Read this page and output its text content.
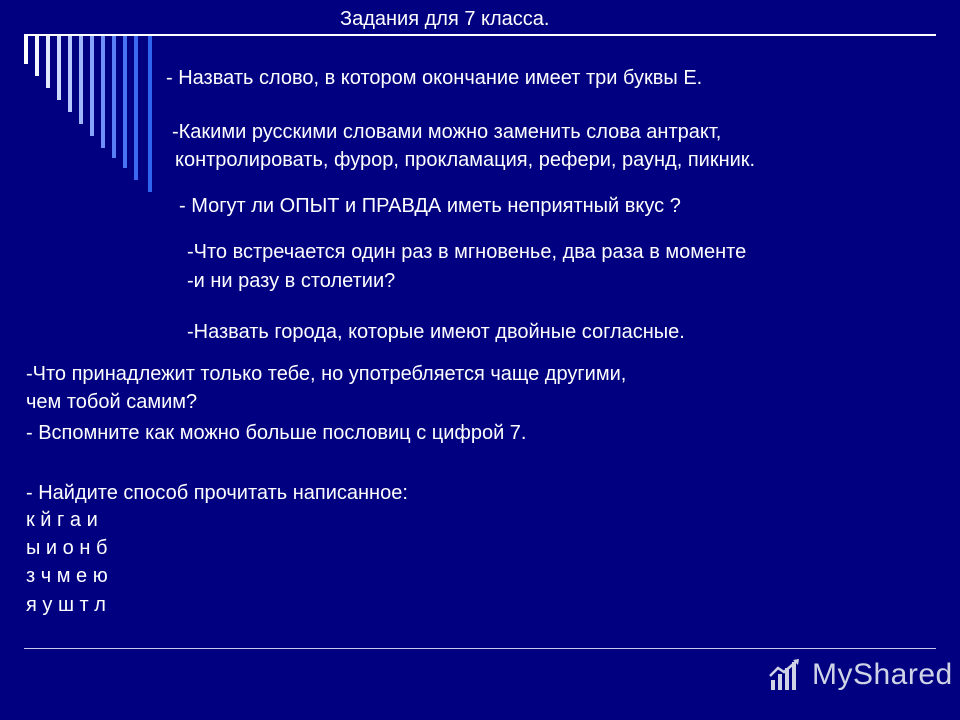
Задания для 7 класса.
- Назвать слово, в котором окончание имеет три буквы Е.
-Какими русскими словами можно заменить слова антракт,
контролировать, фурор, прокламация, рефери, раунд, пикник.
- Могут ли ОПЫТ и ПРАВДА иметь неприятный вкус ?
-Что встречается один раз в мгновенье, два раза в моменте
-и ни разу в столетии?
-Назвать города, которые имеют двойные согласные.
-Что принадлежит только тебе, но употребляется чаще другими,
чем тобой самим?
- Вспомните как можно больше пословиц с цифрой 7.
- Найдите способ прочитать написанное:
к й г а и
ы и о н б
з ч м е ю
я у ш т л
MyShared
